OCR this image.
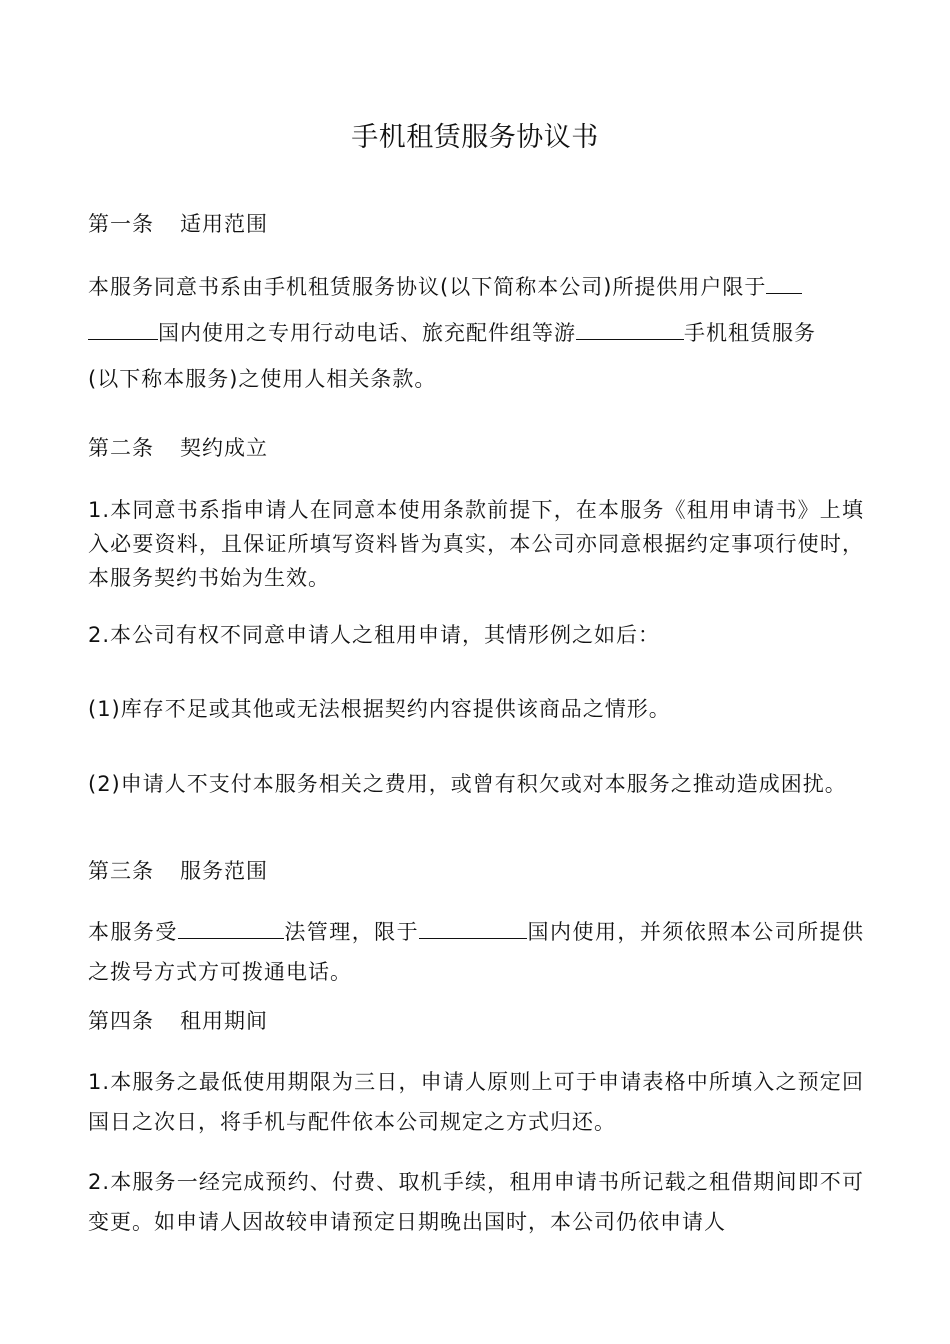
手机租赁服务协议书
第一条 适用范围
本服务同意书系由手机租赁服务协议(以下简称本公司)所提供用户限于
国内使用之专用行动电话、旅充配件组等游	手机租赁服务
(以下称本服务)之使用人相关条款。
第二条 契约成立
1.本同意书系指申请人在同意本使用条款前提下，在本服务《租用申请书》上填入必要资料，且保证所填写资料皆为真实，本公司亦同意根据约定事项行使时，本服务契约书始为生效。
2.本公司有权不同意申请人之租用申请，其情形例之如后：
(1)库存不足或其他或无法根据契约内容提供该商品之情形。
(2)申请人不支付本服务相关之费用，或曾有积欠或对本服务之推动造成困扰。
第三条 服务范围
本服务受	法管理，限于	国内使用，并须依照本公司所提供之拨号方式方可拨通电话。
第四条 租用期间
1.本服务之最低使用期限为三日，申请人原则上可于申请表格中所填入之预定回国日之次日，将手机与配件依本公司规定之方式归还。
2.本服务一经完成预约、付费、取机手续，租用申请书所记载之租借期间即不可变更。如申请人因故较申请预定日期晚出国时，本公司仍依申请人
